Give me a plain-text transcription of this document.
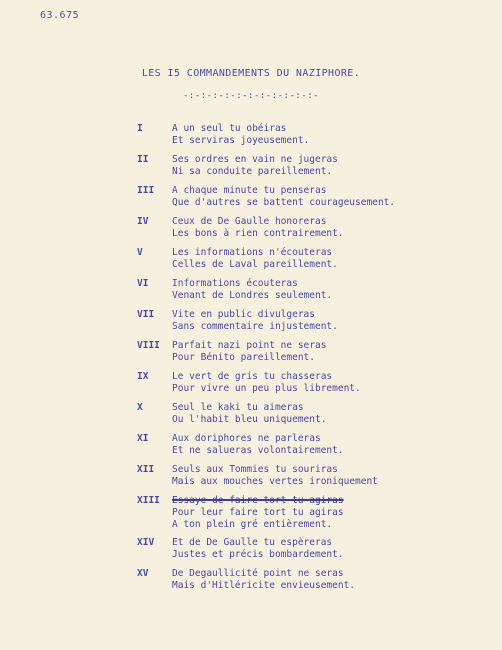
63.675
LES I5 COMMANDEMENTS DU NAZIPHORE.
-:-:-:-:-:-:-:-:-:-:-:-
I	A un seul tu obéiras
Et serviras joyeusement.
II Ses ordres en vain ne jugeras
Ni sa conduite pareillement.
III A chaque minute tu penseras
Que d'autres se battent courageusement.
IV Ceux de De Gaulle honoreras
Les bons à rien contrairement.
V	Les informations n'écouteras
Celles de Laval pareillement.
VI Informations écouteras
Venant de Londres seulement.
VII Vite en public divulgeras
Sans commentaire injustement.
VIII Parfait nazi point ne seras
Pour Bénito pareillement.
IX Le vert de gris tu chasseras
Pour vivre un peu plus librement.
X	Seul le kaki tu aimeras
Ou l'habit bleu uniquement.
XI Aux doriphores ne parleras
Et ne salueras volontairement.
XII Seuls aux Tommies tu souriras
Mais aux mouches vertes ironiquement
XIII Essaye de faire tort tu agiras
Pour leur faire tort tu agiras
A ton plein gré entièrement.
XIV Et de De Gaulle tu espèreras
Justes et précis bombardement.
XV De Degaullicité point ne seras
Mais d'Hitléricite envieusement.
